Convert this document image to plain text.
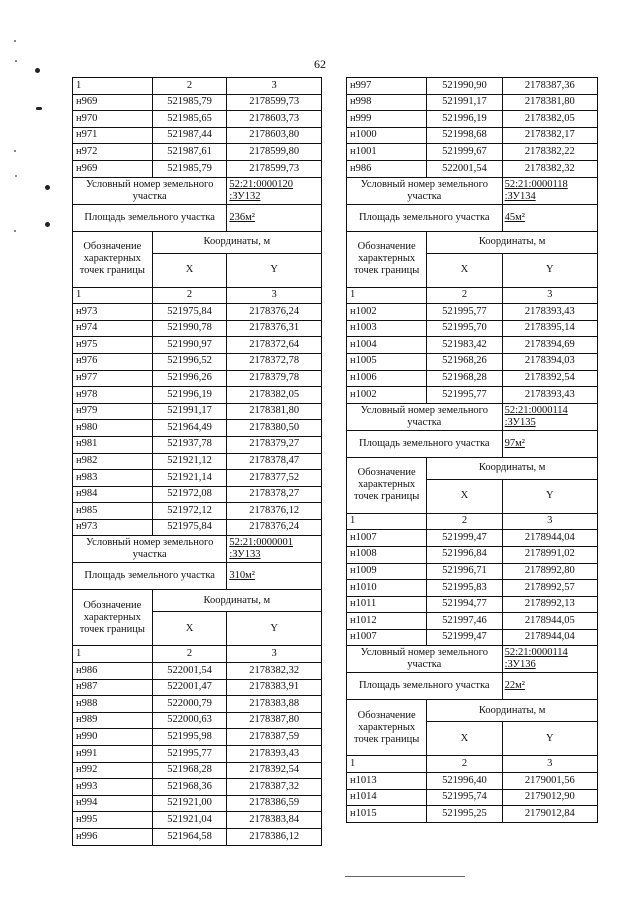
62
1	2	3
н969	521985,79	2178599,73
н970	521985,65	2178603,73
н971	521987,44	2178603,80
н972	521987,61	2178599,80
н969	521985,79	2178599,73
Условный номер земельного участка		52:21:0000120 :ЗУ132
Площадь земельного участка		236м²
Обозначение характерных точек границы	Координаты, м	
	X	Y
1	2	3
н973	521975,84	2178376,24
н974	521990,78	2178376,31
н975	521990,97	2178372,64
н976	521996,52	2178372,78
н977	521996,26	2178379,78
н978	521996,19	2178382,05
н979	521991,17	2178381,80
н980	521964,49	2178380,50
н981	521937,78	2178379,27
н982	521921,12	2178378,47
н983	521921,14	2178377,52
н984	521972,08	2178378,27
н985	521972,12	2178376,12
н973	521975,84	2178376,24
Условный номер земельного участка		52:21:0000001 :ЗУ133
Площадь земельного участка		310м²
Обозначение характерных точек границы	Координаты, м	
	X	Y
1	2	3
н986	522001,54	2178382,32
н987	522001,47	2178383,91
н988	522000,79	2178383,88
н989	522000,63	2178387,80
н990	521995,98	2178387,59
н991	521995,77	2178393,43
н992	521968,28	2178392,54
н993	521968,36	2178387,32
н994	521921,00	2178386,59
н995	521921,04	2178383,84
н996	521964,58	2178386,12
н997	521990,90	2178387,36
н998	521991,17	2178381,80
н999	521996,19	2178382,05
н1000	521998,68	2178382,17
н1001	521999,67	2178382,22
н986	522001,54	2178382,32
Условный номер земельного участка		52:21:0000118 :ЗУ134
Площадь земельного участка		45м²
Обозначение характерных точек границы	Координаты, м	
	X	Y
1	2	3
н1002	521995,77	2178393,43
н1003	521995,70	2178395,14
н1004	521983,42	2178394,69
н1005	521968,26	2178394,03
н1006	521968,28	2178392,54
н1002	521995,77	2178393,43
Условный номер земельного участка		52:21:0000114 :ЗУ135
Площадь земельного участка		97м²
Обозначение характерных точек границы	Координаты, м	
	X	Y
1	2	3
н1007	521999,47	2178944,04
н1008	521996,84	2178991,02
н1009	521996,71	2178992,80
н1010	521995,83	2178992,57
н1011	521994,77	2178992,13
н1012	521997,46	2178944,05
н1007	521999,47	2178944,04
Условный номер земельного участка		52:21:0000114 :ЗУ136
Площадь земельного участка		22м²
Обозначение характерных точек границы	Координаты, м	
	X	Y
1	2	3
н1013	521996,40	2179001,56
н1014	521995,74	2179012,90
н1015	521995,25	2179012,84
